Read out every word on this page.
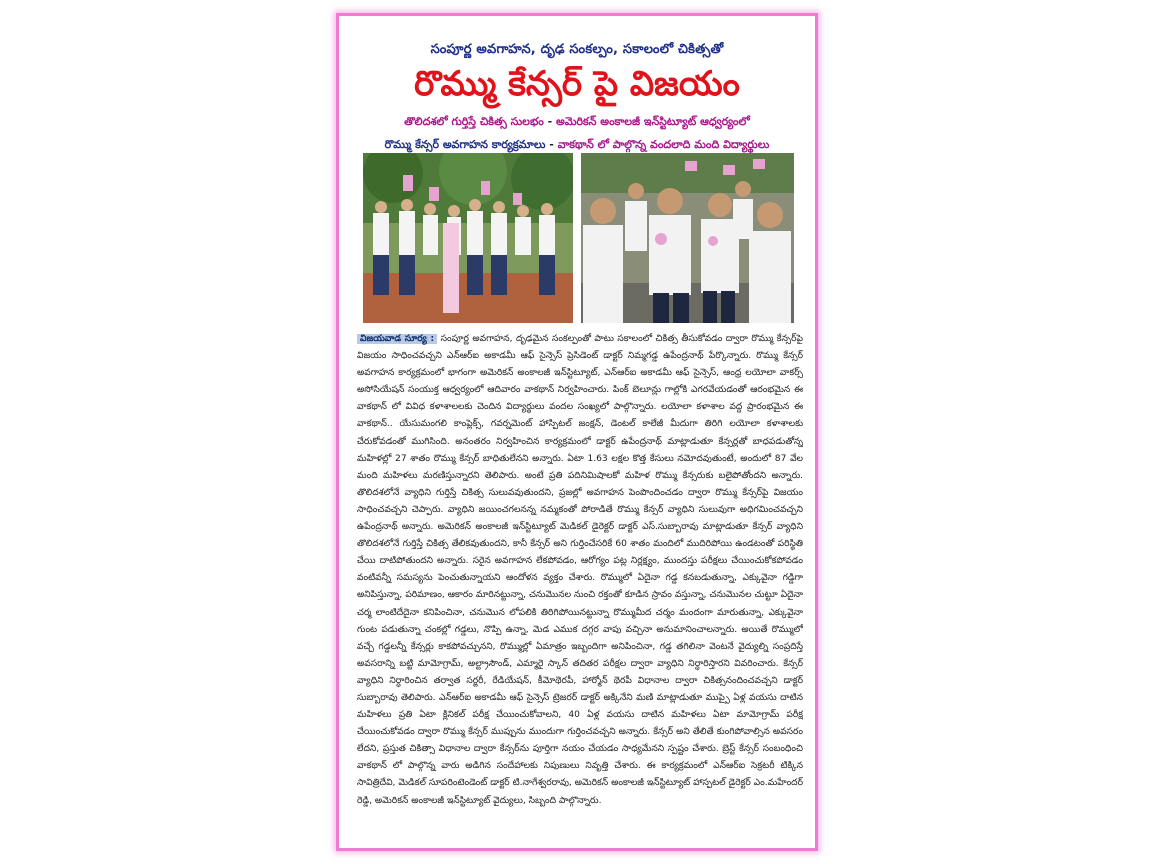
సంపూర్ణ అవగాహన, దృఢ సంకల్పం, సకాలంలో చికిత్సతో
రొమ్ము కేన్సర్ పై విజయం
తొలిదశలో గుర్తిస్తే చికిత్స సులభం - అమెరికన్ అంకాలజీ ఇన్‌స్టిట్యూట్ ఆధ్వర్యంలో
రొమ్ము కేన్సర్ అవగాహన కార్యక్రమాలు - వాకథాన్ లో పాల్గొన్న వందలాది మంది విద్యార్థులు
విజయవాడ సూర్య : సంపూర్ణ అవగాహన, దృఢమైన సంకల్పంతో పాటు సకాలంలో చికిత్స తీసుకోవడం ద్వారా రొమ్ము కేన్సర్‌పై విజయం సాధించవచ్చని ఎన్‌ఆర్‌ఐ అకాడమీ ఆఫ్ సైన్సెస్ ప్రెసిడెంట్ డాక్టర్ నిమ్మగడ్డ ఉపేంద్రనాథ్ పేర్కొన్నారు. రొమ్ము కేన్సర్ అవగాహన కార్యక్రమంలో భాగంగా అమెరికన్ అంకాలజీ ఇన్‌స్టిట్యూట్, ఎన్‌ఆర్‌ఐ అకాడమీ ఆఫ్ సైన్సెస్, ఆంధ్ర లయోలా వాకర్స్ అసోసియేషన్ సంయుక్త ఆధ్వర్యంలో ఆదివారం వాకథాన్ నిర్వహించారు. పింక్ బెలూన్లు గాల్లోకి ఎగరవేయడంతో ఆరంభమైన ఈ వాకథాన్ లో వివిధ కళాశాలలకు చెందిన విద్యార్థులు వందల సంఖ్యలో పాల్గొన్నారు. లయోలా కళాశాల వద్ద ప్రారంభమైన ఈ వాకథాన్.. యేసుమంగలి కాంప్లెక్స్, గవర్నమెంట్ హాస్పిటల్ జంక్షన్, డెంటల్ కాలేజీ మీదుగా తిరిగి లయోలా కళాశాలకు చేరుకోవడంతో ముగిసింది. అనంతరం నిర్వహించిన కార్యక్రమంలో డాక్టర్ ఉపేంద్రనాథ్ మాట్లాడుతూ కేన్సర్లతో బాధపడుతోన్న మహిళల్లో 27 శాతం రొమ్ము కేన్సర్ బాధితులేనని అన్నారు. ఏటా 1.63 లక్షల కొత్త కేసులు నమోదవుతుంటే, అందులో 87 వేల మంది మహిళలు మరణిస్తున్నారని తెలిపారు. అంటే ప్రతి పదినిమిషాలకో మహిళ రొమ్ము కేన్సరుకు బలైపోతోందని అన్నారు. తొలిదశలోనే వ్యాధిని గుర్తిస్తే చికిత్స సులువవుతుందని, ప్రజల్లో అవగాహన పెంపొందించడం ద్వారా రొమ్ము కేన్సర్‌పై విజయం సాధించవచ్చని చెప్పారు. వ్యాధిని జయించగలనన్న నమ్మకంతో పోరాడితే రొమ్ము కేన్సర్ వ్యాధిని సులువుగా అధిగమించవచ్చని ఉపేంద్రనాథ్ అన్నారు. అమెరికన్ అంకాలజీ ఇన్‌స్టిట్యూట్ మెడికల్ డైరెక్టర్ డాక్టర్ ఎస్.సుబ్బారావు మాట్లాడుతూ కేన్సర్ వ్యాధిని తొలిదశలోనే గుర్తిస్తే చికిత్స తేలికవుతుందని, కానీ కేన్సర్ అని గుర్తించేసరికే 60 శాతం మందిలో ముదిరిపోయి ఉండటంతో పరిస్థితి చేయి దాటిపోతుందని అన్నారు. సరైన అవగాహన లేకపోవడం, ఆరోగ్యం పట్ల నిర్లక్ష్యం, ముందస్తు పరీక్షలు చేయించుకోకపోవడం వంటివన్నీ సమస్యను పెంచుతున్నాయని ఆందోళన వ్యక్తం చేశారు. రొమ్ములో ఏదైనా గడ్డ కనబడుతున్నా, ఎక్కువైనా గడ్డిగా అనిపిస్తున్నా, పరిమాణం, ఆకారం మారినట్టున్నా, చనుమొనల నుంచి రక్తంతో కూడిన స్రావం వస్తున్నా, చనుమొనల చుట్టూ ఏదైనా చర్మ లాంటిదేదైనా కనిపించినా, చనుమొన లోపలికి తిరిగిపోయినట్టున్నా రొమ్ముమీద చర్మం మందంగా మారుతున్నా, ఎక్కువైనా గుంట పడుతున్నా చంకల్లో గడ్డలు, నొప్పి ఉన్నా, మెడ ఎముక దగ్గర వాపు వచ్చినా అనుమానించాలన్నారు. అయితే రొమ్ములో వచ్చే గడ్డలన్నీ కేన్సర్లు కాకపోవచ్చునని, రొమ్ముల్లో ఏమాత్రం ఇబ్బందిగా అనిపించినా, గడ్డ తగిలినా వెంటనే వైద్యుల్ని సంప్రదిస్తే అవసరాన్ని బట్టి మామోగ్రామ్, అల్ట్రాసౌండ్, ఎమ్మారై స్కాన్ తదితర పరీక్షల ద్వారా వ్యాధిని నిర్ధారిస్తారని వివరించారు. కేన్సర్ వ్యాధిని నిర్ధారించిన తర్వాత సర్జరీ, రేడియేషన్, కీమోథెరపీ, హార్మోన్ థెరపీ విధానాల ద్వారా చికిత్సనందించవచ్చని డాక్టర్ సుబ్బారావు తెలిపారు. ఎన్‌ఆర్‌ఐ అకాడమీ ఆఫ్ సైన్సెస్ ట్రెజరర్ డాక్టర్ అక్కినేని మణి మాట్లాడుతూ ముప్పై ఏళ్ల వయసు దాటిన మహిళలు ప్రతి ఏటా క్లినికల్ పరీక్ష చేయించుకోవాలని, 40 ఏళ్ల వయసు దాటిన మహిళలు ఏటా మామోగ్రామ్ పరీక్ష చేయించుకోవడం ద్వారా రొమ్ము కేన్సర్ ముప్పును ముందుగా గుర్తించవచ్చని అన్నారు. కేన్సర్ అని తేలితే కుంగిపోవాల్సిన అవసరం లేదని, ప్రస్తుత చికిత్సా విధానాల ద్వారా కేన్సర్‌ను పూర్తిగా నయం చేయడం సాధ్యమేనని స్పష్టం చేశారు. బ్రెస్ట్ కేన్సర్ సంబంధించి వాకథాన్ లో పాల్గొన్న వారు అడిగిన సందేహాలకు నిపుణులు నివృత్తి చేశారు. ఈ కార్యక్రమంలో ఎన్‌ఆర్‌ఐ సెక్రటరీ టిక్కిన సావిత్రిదేవి, మెడికల్ సూపరింటెండెంట్ డాక్టర్ టి.నాగేశ్వరరావు, అమెరికన్ అంకాలజీ ఇన్‌స్టిట్యూట్ హాస్పటల్ డైరెక్టర్ ఎం.మహేందర్ రెడ్డి, అమెరికన్ అంకాలజీ ఇన్‌స్టిట్యూట్ వైద్యులు, సిబ్బంది పాల్గొన్నారు.
